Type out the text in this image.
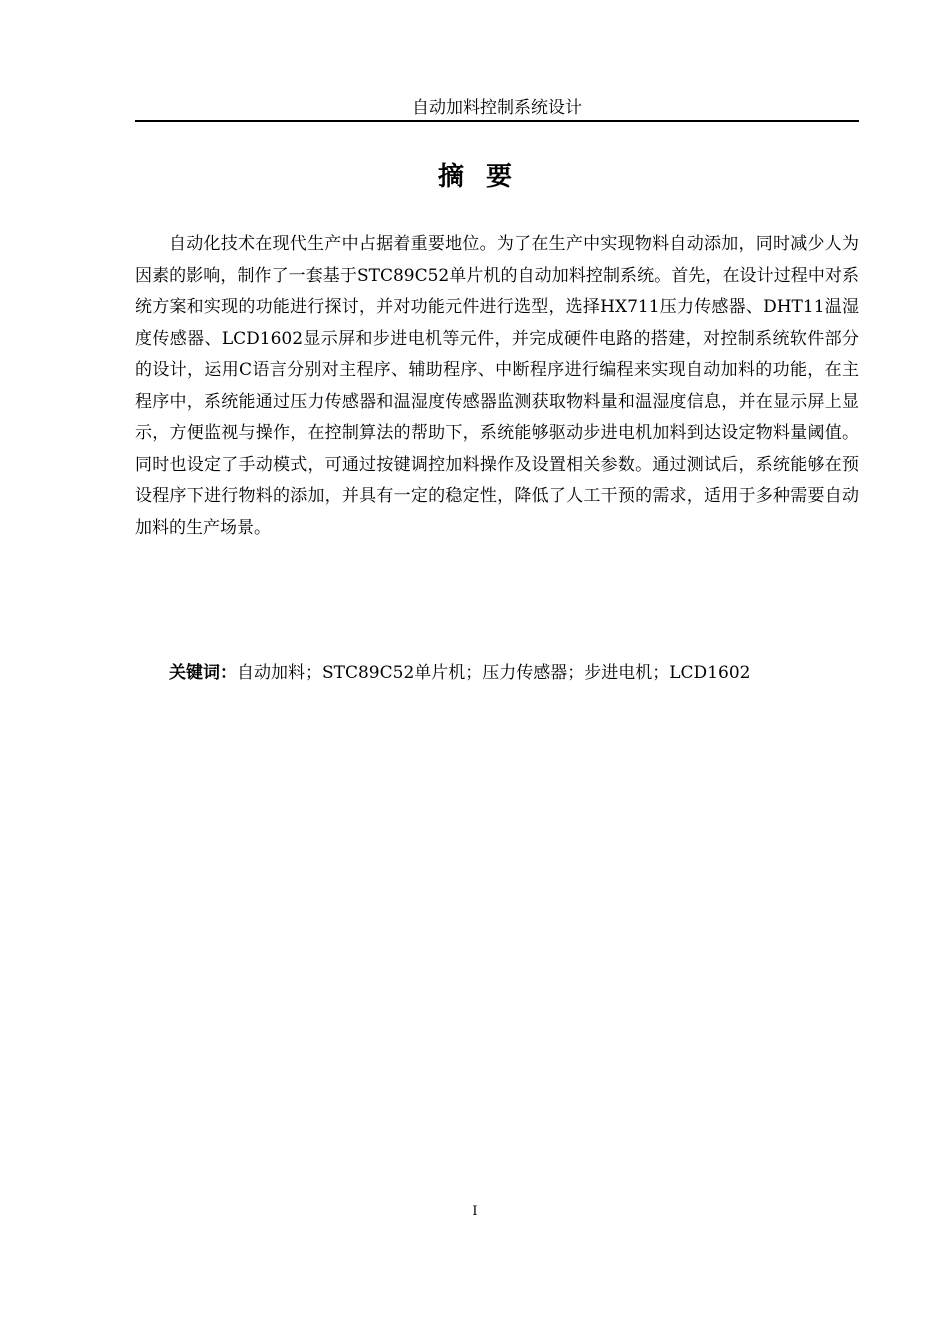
自动加料控制系统设计
摘要

自动化技术在现代生产中占据着重要地位。为了在生产中实现物料自动添加，同时减少人为因素的影响，制作了一套基于STC89C52单片机的自动加料控制系统。首先，在设计过程中对系统方案和实现的功能进行探讨，并对功能元件进行选型，选择HX711压力传感器、DHT11温湿度传感器、LCD1602显示屏和步进电机等元件，并完成硬件电路的搭建，对控制系统软件部分的设计，运用C语言分别对主程序、辅助程序、中断程序进行编程来实现自动加料的功能，在主程序中，系统能通过压力传感器和温湿度传感器监测获取物料量和温湿度信息，并在显示屏上显示，方便监视与操作，在控制算法的帮助下，系统能够驱动步进电机加料到达设定物料量阈值。同时也设定了手动模式，可通过按键调控加料操作及设置相关参数。通过测试后，系统能够在预设程序下进行物料的添加，并具有一定的稳定性，降低了人工干预的需求，适用于多种需要自动加料的生产场景。

关键词：自动加料；STC89C52单片机；压力传感器；步进电机；LCD1602
I
